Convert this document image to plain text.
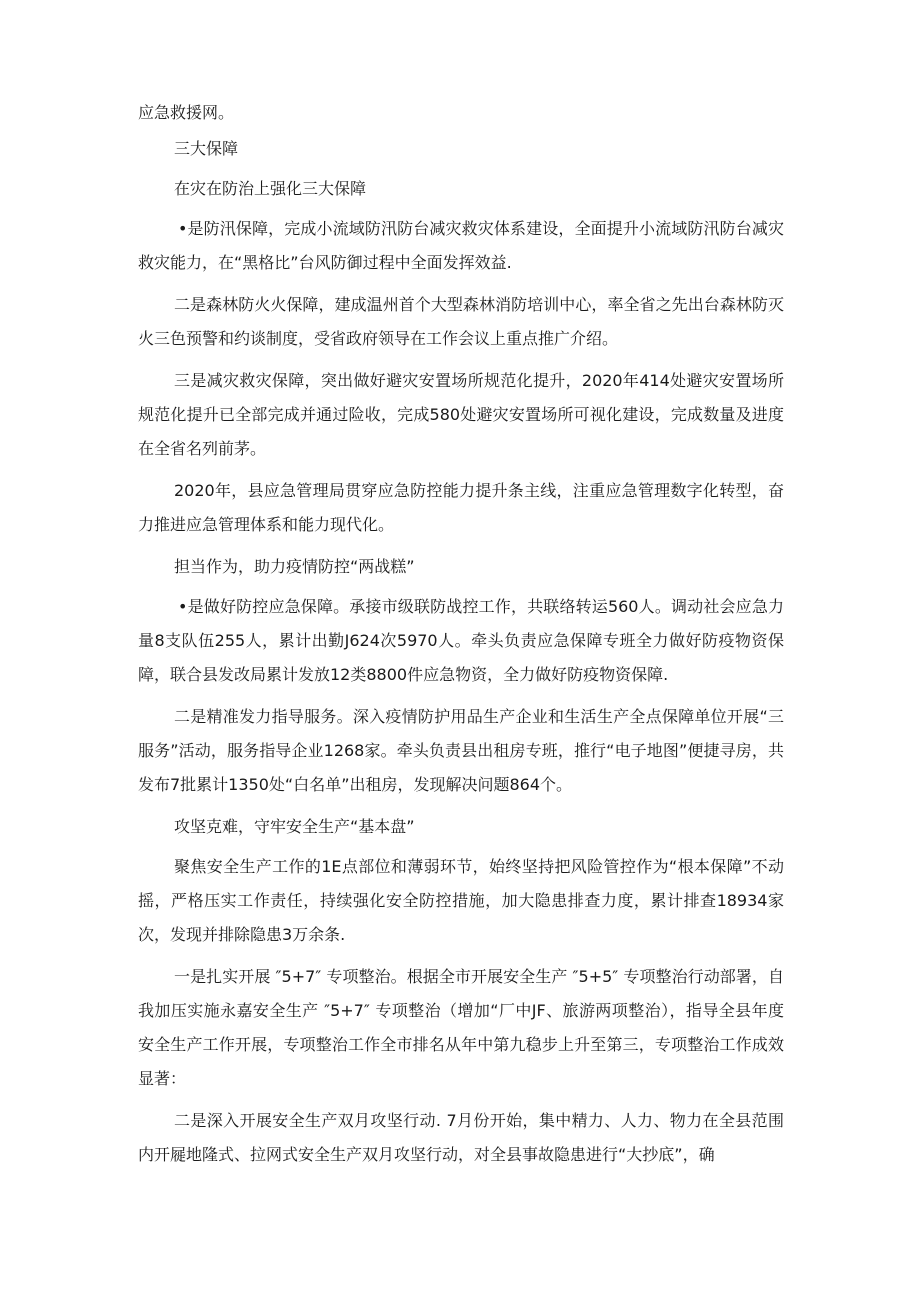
应急救援网。

三大保障

在灾在防治上强化三大保障

•是防汛保障，完成小流域防汛防台减灾救灾体系建设，全面提升小流域防汛防台减灾救灾能力，在“黑格比”台风防御过程中全面发挥效益.

二是森林防火火保障，建成温州首个大型森林消防培训中心，率全省之先出台森林防灭火三色预警和约谈制度，受省政府领导在工作会议上重点推广介绍。

三是减灾救灾保障，突出做好避灾安置场所规范化提升，2020年414处避灾安置场所规范化提升已全部完成并通过险收，完成580处避灾安置场所可视化建设，完成数量及进度在全省名列前茅。

2020年，县应急管理局贯穿应急防控能力提升条主线，注重应急管理数字化转型，奋力推进应急管理体系和能力现代化。

担当作为，助力疫情防控“两战糕”

•是做好防控应急保障。承接市级联防战控工作，共联络转运560人。调动社会应急力量8支队伍255人，累计出勤J624次5970人。牵头负责应急保障专班全力做好防疫物资保障，联合县发改局累计发放12类8800件应急物资，全力做好防疫物资保障.

二是精准发力指导服务。深入疫情防护用品生产企业和生活生产全点保障单位开展“三服务”活动，服务指导企业1268家。牵头负责县出租房专班，推行“电子地图”便捷寻房，共发布7批累计1350处“白名单”出租房，发现解决问题864个。

攻坚克难，守牢安全生产“基本盘”

聚焦安全生产工作的1E点部位和薄弱环节，始终坚持把风险管控作为“根本保障”不动摇，严格压实工作责任，持续强化安全防控措施，加大隐患排查力度，累计排查18934家次，发现并排除隐患3万余条.

一是扎实开展 ″5+7″ 专项整治。根据全市开展安全生产 ″5+5″ 专项整治行动部署，自我加压实施永嘉安全生产 ″5+7″ 专项整治（增加“厂中JF、旅游两项整治），指导全县年度安全生产工作开展，专项整治工作全市排名从年中第九稳步上升至第三，专项整治工作成效显著：

二是深入开展安全生产双月攻坚行动. 7月份开始，集中精力、人力、物力在全县范围内开屣地隆式、拉网式安全生产双月攻坚行动，对全县事故隐患进行“大抄底”，确
